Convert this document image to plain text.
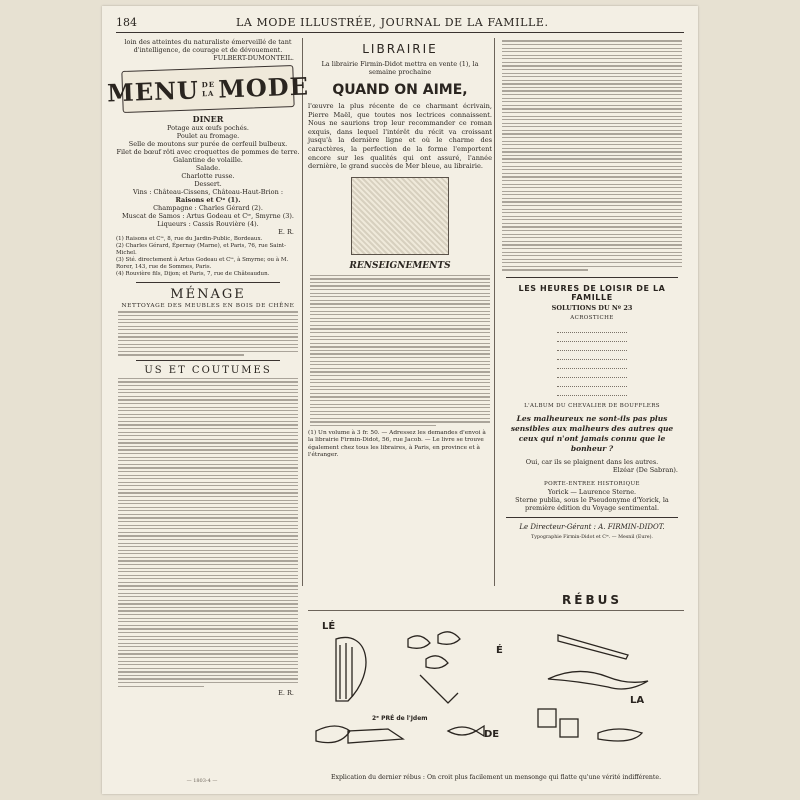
184	LA MODE ILLUSTRÉE, JOURNAL DE LA FAMILLE.
loin des atteintes du naturaliste émerveillé de tant
d'intelligence, de courage et de dévouement.
FULBERT-DUMONTEIL.
MENU DE LA MODE
DINER
Potage aux œufs pochés.
Poulet au fromage.
Selle de moutons sur purée de cerfeuil bulbeux.
Filet de bœuf rôti avec croquettes de pommes de terre.
Galantine de volaille.
Salade.
Charlotte russe.
Dessert.
Vins : Château-Cissens, Château-Haut-Brion :
Raisons et Cⁱᵉ (1).
Champagne : Charles Gérard (2).
Muscat de Samos : Artus Godeau et Cⁱᵉ, Smyrne (3).
Liqueurs : Cassis Rouvière (4).
E. R.
(1) Raisons et Cⁱᵉ, 8, rue du Jardin-Public, Bordeaux.
(2) Charles Gérard, Épernay (Marne), et Paris, 76, rue Saint-Michel.
(3) Sté. directement à Artus Godeau et Cⁱᵉ, à Smyrne; ou à M. Rorer, 143, rue de Sommes, Paris.
(4) Rouvière fils, Dijon; et Paris, 7, rue de Châteaudun.
MÉNAGE
NETTOYAGE DES MEUBLES EN BOIS DE CHÊNE
US ET COUTUMES
E. R.
LIBRAIRIE
La librairie Firmin-Didot mettra en vente (1), la semaine prochaine
QUAND ON AIME,
l'œuvre la plus récente de ce charmant écrivain, Pierre Maël, que toutes nos lectrices connaissent. Nous ne saurions trop leur recommander ce roman exquis, dans lequel l'intérêt du récit va croissant jusqu'à la dernière ligne et où le charme des caractères, la perfection de la forme l'emportent encore sur les qualités qui ont assuré, l'année dernière, le grand succès de Mer bleue, au librairie.
RENSEIGNEMENTS
(1) Un volume à 3 fr. 50. — Adressez les demandes d'envoi à la librairie Firmin-Didot, 56, rue Jacob. — Le livre se trouve également chez tous les libraires, à Paris, en province et à l'étranger.
LES HEURES DE LOISIR DE LA FAMILLE
SOLUTIONS DU Nº 23
ACROSTICHE
L'ALBUM DU CHEVALIER DE BOUFFLERS
Les malheureux ne sont-ils pas plus sensibles aux malheurs des autres que ceux qui n'ont jamais connu que le bonheur ?
Oui, car ils se plaignent dans les autres.
Elzéar (De Sabran).
PORTE-ENTREE HISTORIQUE
Yorick — Laurence Sterne.
Sterne publia, sous le Pseudonyme d'Yorick, la première édition du Voyage sentimental.
Le Directeur-Gérant : A. FIRMIN-DIDOT.
Typographie Firmin-Didot et Cⁱᵉ. — Mesnil (Eure).
RÉBUS
LÉ
É
LA
DE
2ᵉ PRÉ de l'Jdem
Explication du dernier rébus : On croit plus facilement un mensonge qui flatte qu'une vérité indifférente.
— 1803-4 —
